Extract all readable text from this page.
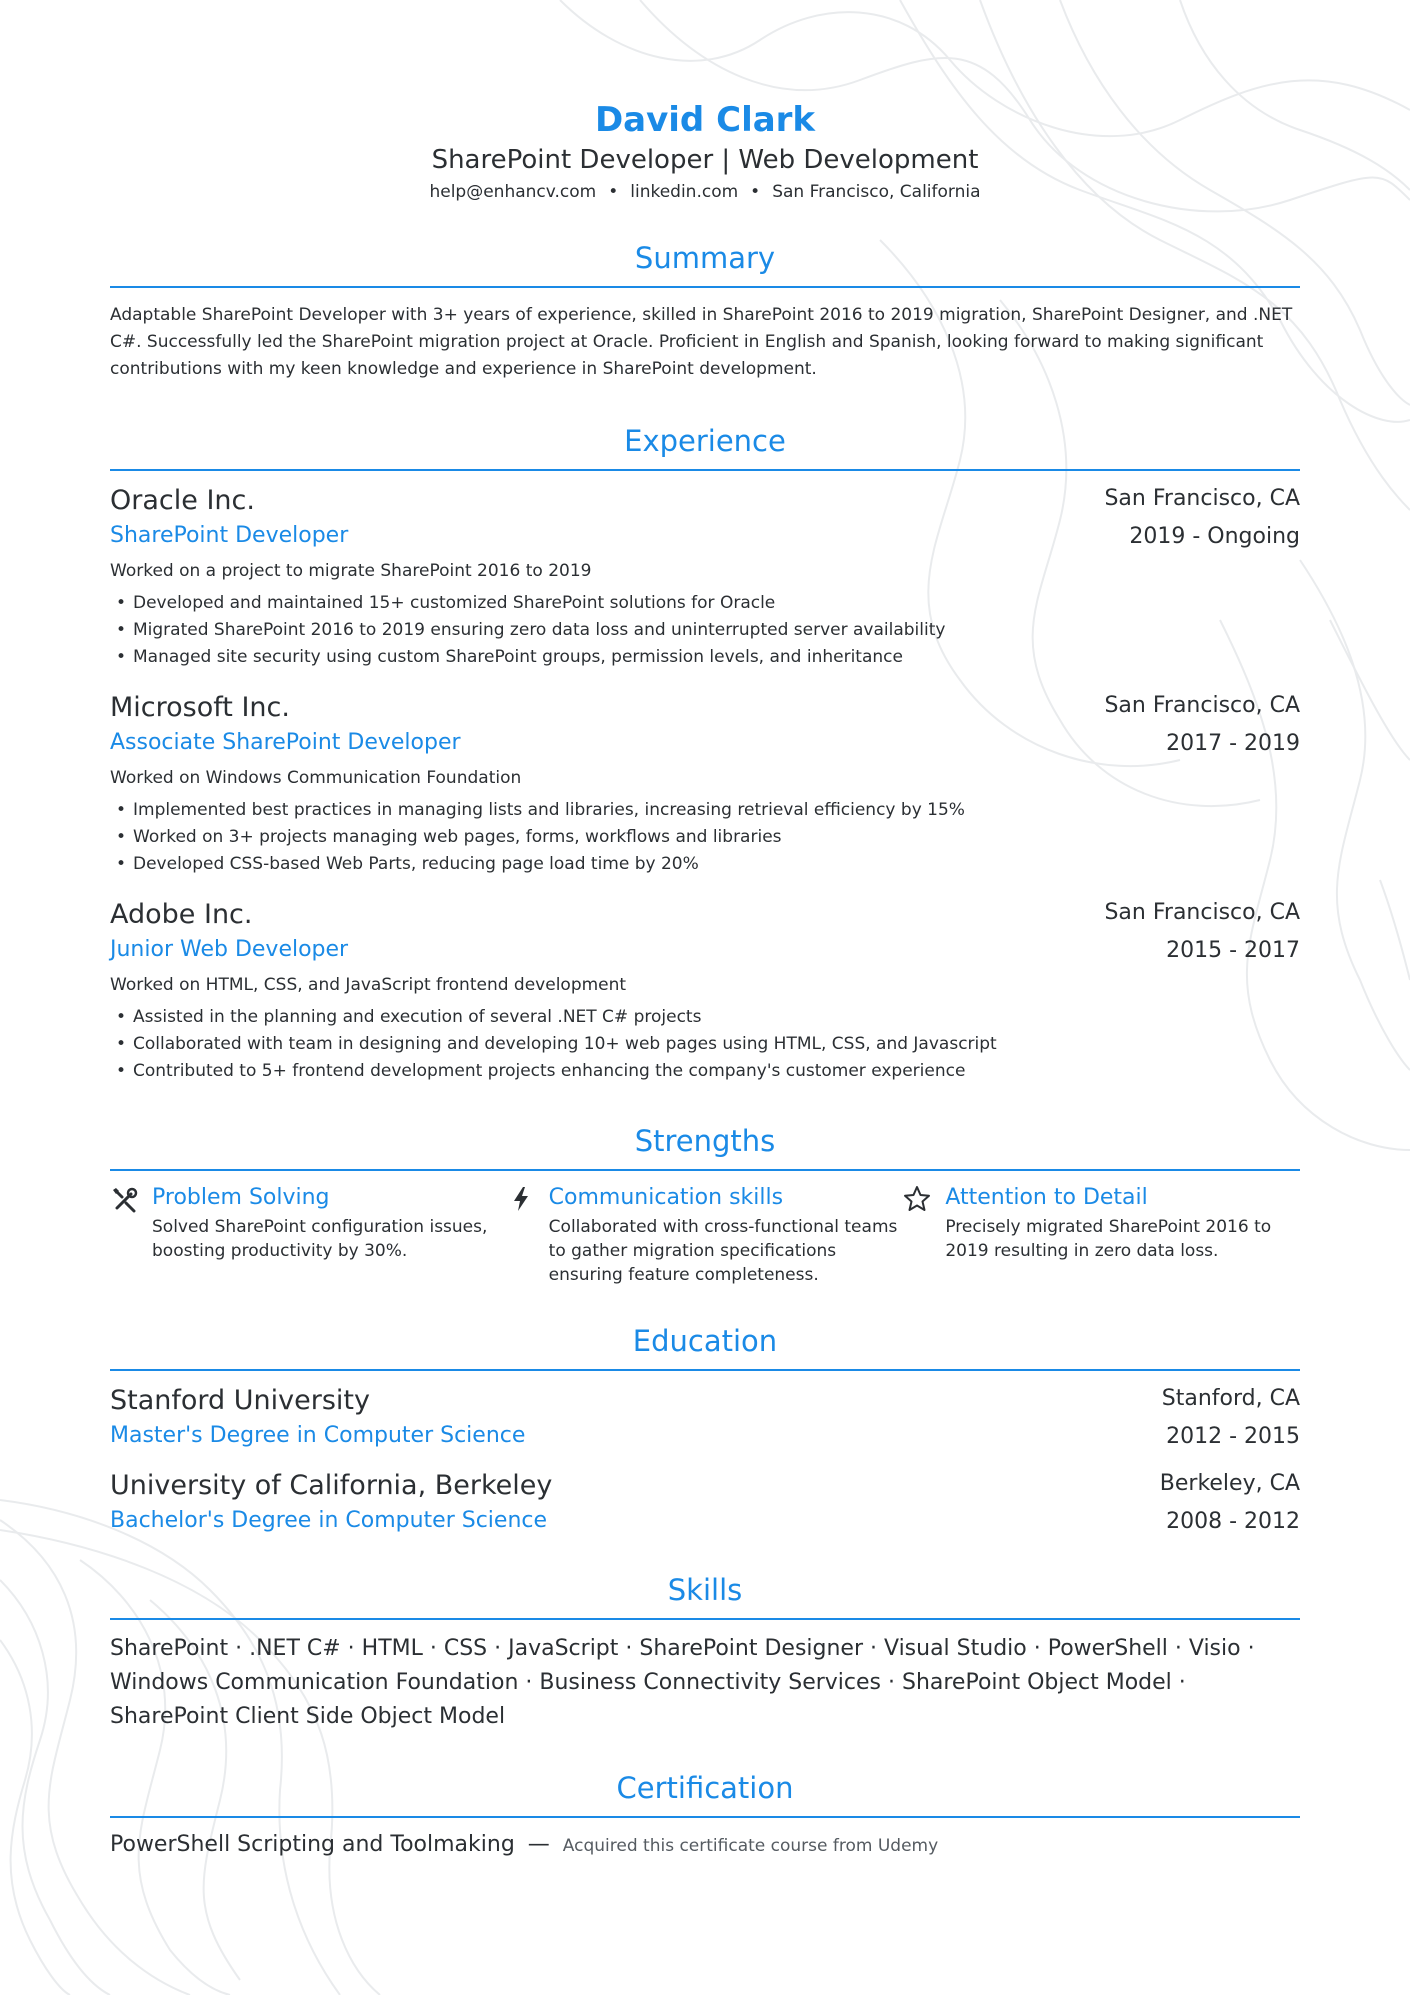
David Clark
SharePoint Developer | Web Development
help@enhancv.com • linkedin.com • San Francisco, California
Summary
Adaptable SharePoint Developer with 3+ years of experience, skilled in SharePoint 2016 to 2019 migration, SharePoint Designer, and .NET C#. Successfully led the SharePoint migration project at Oracle. Proficient in English and Spanish, looking forward to making significant contributions with my keen knowledge and experience in SharePoint development.
Experience
Oracle Inc.
SharePoint Developer
San Francisco, CA
2019 - Ongoing
Worked on a project to migrate SharePoint 2016 to 2019
• Developed and maintained 15+ customized SharePoint solutions for Oracle
• Migrated SharePoint 2016 to 2019 ensuring zero data loss and uninterrupted server availability
• Managed site security using custom SharePoint groups, permission levels, and inheritance
Microsoft Inc.
Associate SharePoint Developer
San Francisco, CA
2017 - 2019
Worked on Windows Communication Foundation
• Implemented best practices in managing lists and libraries, increasing retrieval efficiency by 15%
• Worked on 3+ projects managing web pages, forms, workflows and libraries
• Developed CSS-based Web Parts, reducing page load time by 20%
Adobe Inc.
Junior Web Developer
San Francisco, CA
2015 - 2017
Worked on HTML, CSS, and JavaScript frontend development
• Assisted in the planning and execution of several .NET C# projects
• Collaborated with team in designing and developing 10+ web pages using HTML, CSS, and Javascript
• Contributed to 5+ frontend development projects enhancing the company's customer experience
Strengths
Problem Solving
Solved SharePoint configuration issues, boosting productivity by 30%.
Communication skills
Collaborated with cross-functional teams to gather migration specifications ensuring feature completeness.
Attention to Detail
Precisely migrated SharePoint 2016 to 2019 resulting in zero data loss.
Education
Stanford University
Master's Degree in Computer Science
Stanford, CA
2012 - 2015
University of California, Berkeley
Bachelor's Degree in Computer Science
Berkeley, CA
2008 - 2012
Skills
SharePoint · .NET C# · HTML · CSS · JavaScript · SharePoint Designer · Visual Studio · PowerShell · Visio · Windows Communication Foundation · Business Connectivity Services · SharePoint Object Model · SharePoint Client Side Object Model
Certification
PowerShell Scripting and Toolmaking — Acquired this certificate course from Udemy
